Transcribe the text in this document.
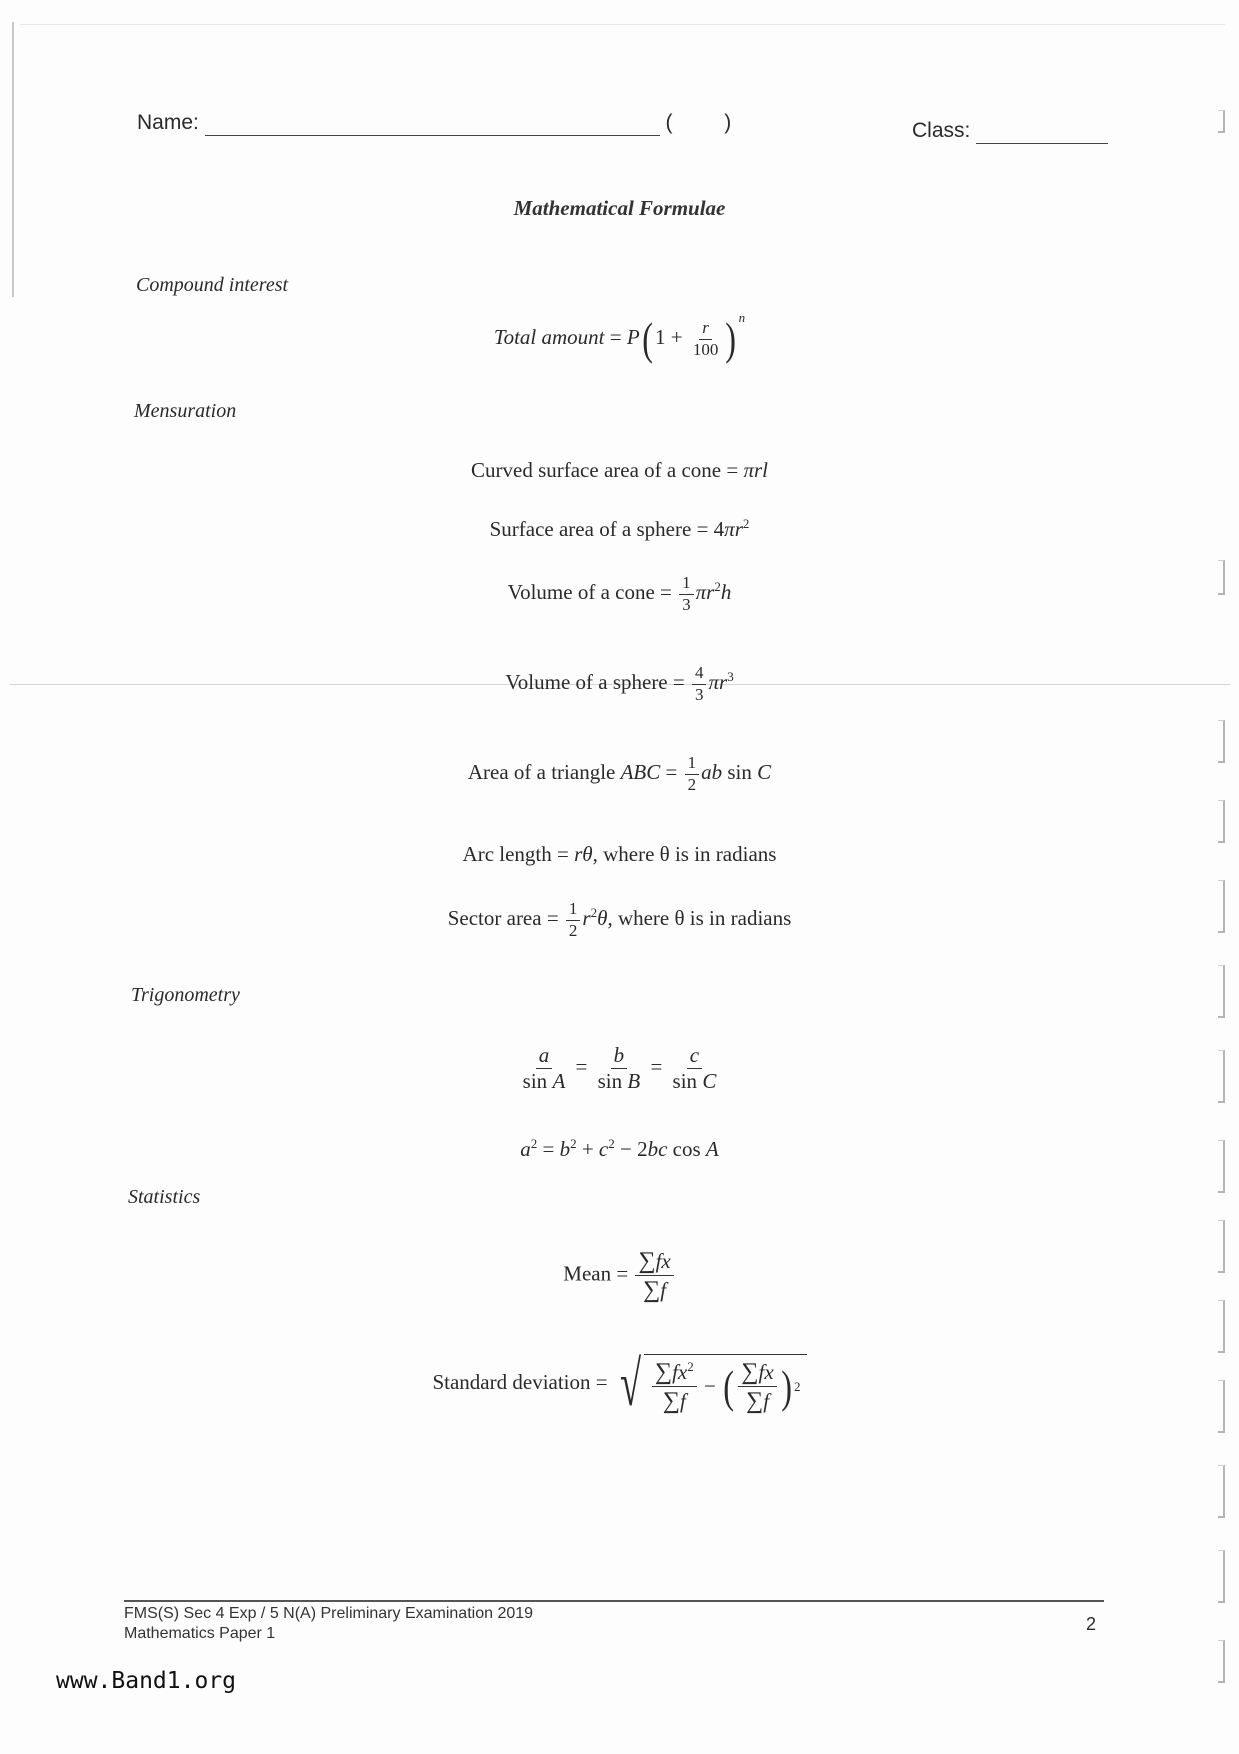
Name:	( )	Class:
Mathematical Formulae
Compound interest
Total amount = P( $1 + \frac{r}{100}$ ) $^n$
Mensuration
Curved surface area of a cone = πrl
Surface area of a sphere = $4\pi r^2$
Volume of a cone = $\frac{1}{3} \pi r^2h$
Volume of a sphere = $\frac{4}{3} \pi r^3$
Area of a triangle ABC = $\frac{1}{2}$ ab sin C
Arc length = rθ, where θ is in radians
Sector area = $\frac{1}{2} r^2\theta$, where θ is in radians
Trigonometry
$\frac{a}{\text{sin A}} = \frac{b}{\text{sin B}} = \frac{c}{\text{sin C}}$
$a^2 = b^2 + c^2 - 2bc$ cos A
Statistics
Mean = $\frac{\sum fx}{\sum f}$
Standard deviation = √ $\frac{\sum fx^2}{\sum f}$ − ( $\frac{\sum fx}{\sum f}$ ) 2
FMS(S) Sec 4 Exp / 5 N(A) Preliminary Examination 2019
Mathematics Paper 1	2
www.Band1.org
